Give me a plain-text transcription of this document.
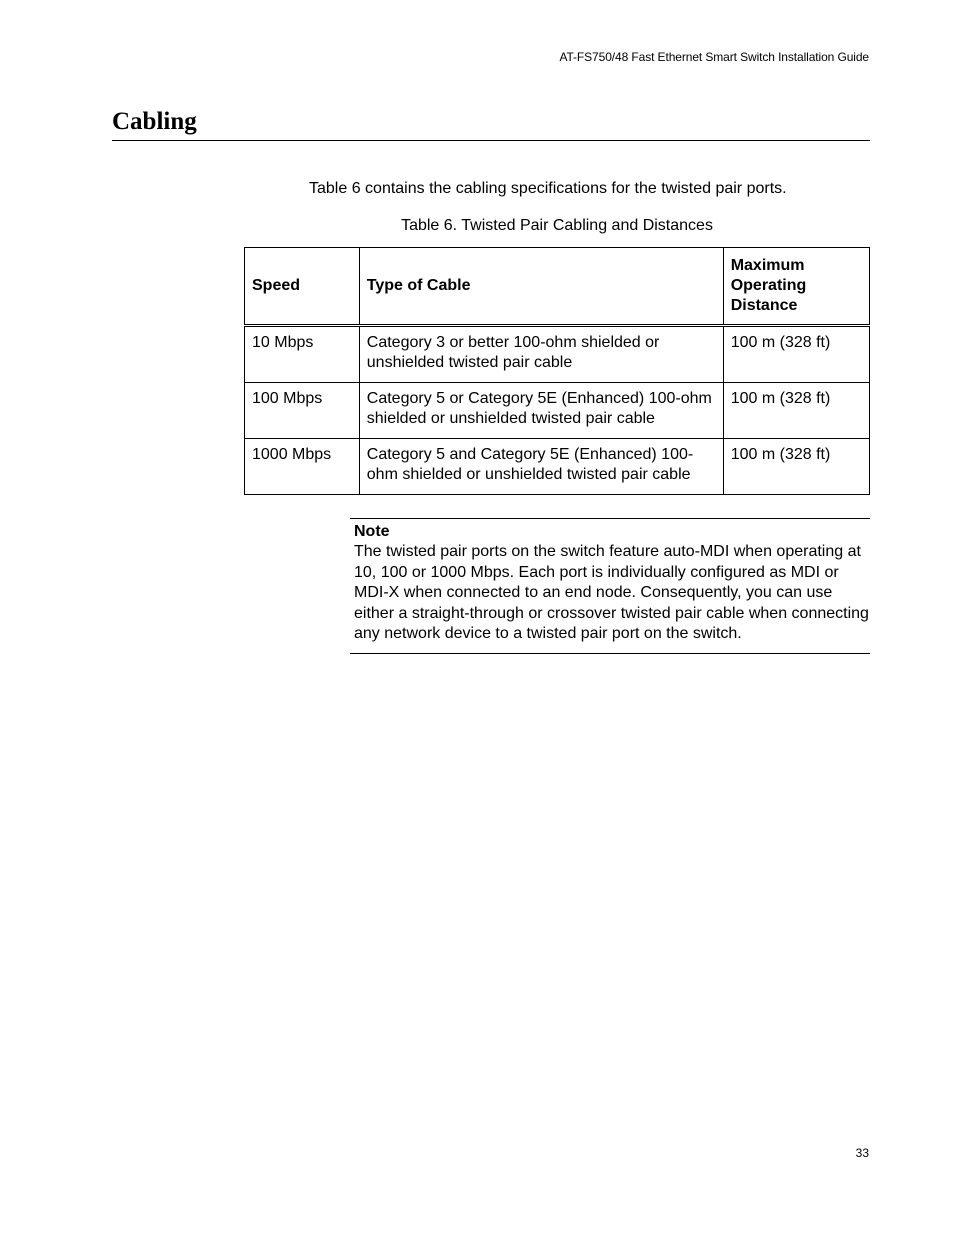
AT-FS750/48 Fast Ethernet Smart Switch Installation Guide
Cabling
Table 6 contains the cabling specifications for the twisted pair ports.
Table 6. Twisted Pair Cabling and Distances
Speed	Type of Cable	Maximum Operating Distance
10 Mbps	Category 3 or better 100-ohm shielded or unshielded twisted pair cable	100 m (328 ft)
100 Mbps	Category 5 or Category 5E (Enhanced) 100-ohm shielded or unshielded twisted pair cable	100 m (328 ft)
1000 Mbps	Category 5 and Category 5E (Enhanced) 100-ohm shielded or unshielded twisted pair cable	100 m (328 ft)

Note

The twisted pair ports on the switch feature auto-MDI when operating at 10, 100 or 1000 Mbps. Each port is individually configured as MDI or MDI-X when connected to an end node. Consequently, you can use either a straight-through or crossover twisted pair cable when connecting any network device to a twisted pair port on the switch.

33
